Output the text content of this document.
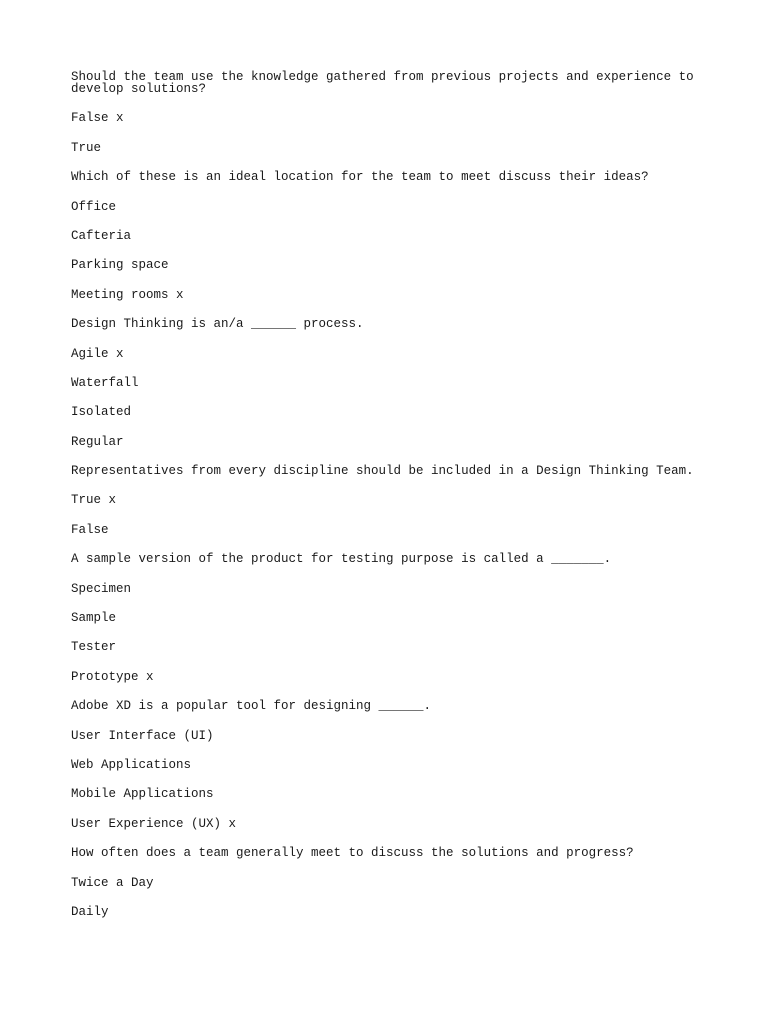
Should the team use the knowledge gathered from previous projects and experience to develop solutions?
False x
True
Which of these is an ideal location for the team to meet discuss their ideas?
Office
Cafteria
Parking space
Meeting rooms x
Design Thinking is an/a ______ process.
Agile x
Waterfall
Isolated
Regular
Representatives from every discipline should be included in a Design Thinking Team.
True x
False
A sample version of the product for testing purpose is called a _______.
Specimen
Sample
Tester
Prototype x
Adobe XD is a popular tool for designing ______.
User Interface (UI)
Web Applications
Mobile Applications
User Experience (UX) x
How often does a team generally meet to discuss the solutions and progress?
Twice a Day
Daily
